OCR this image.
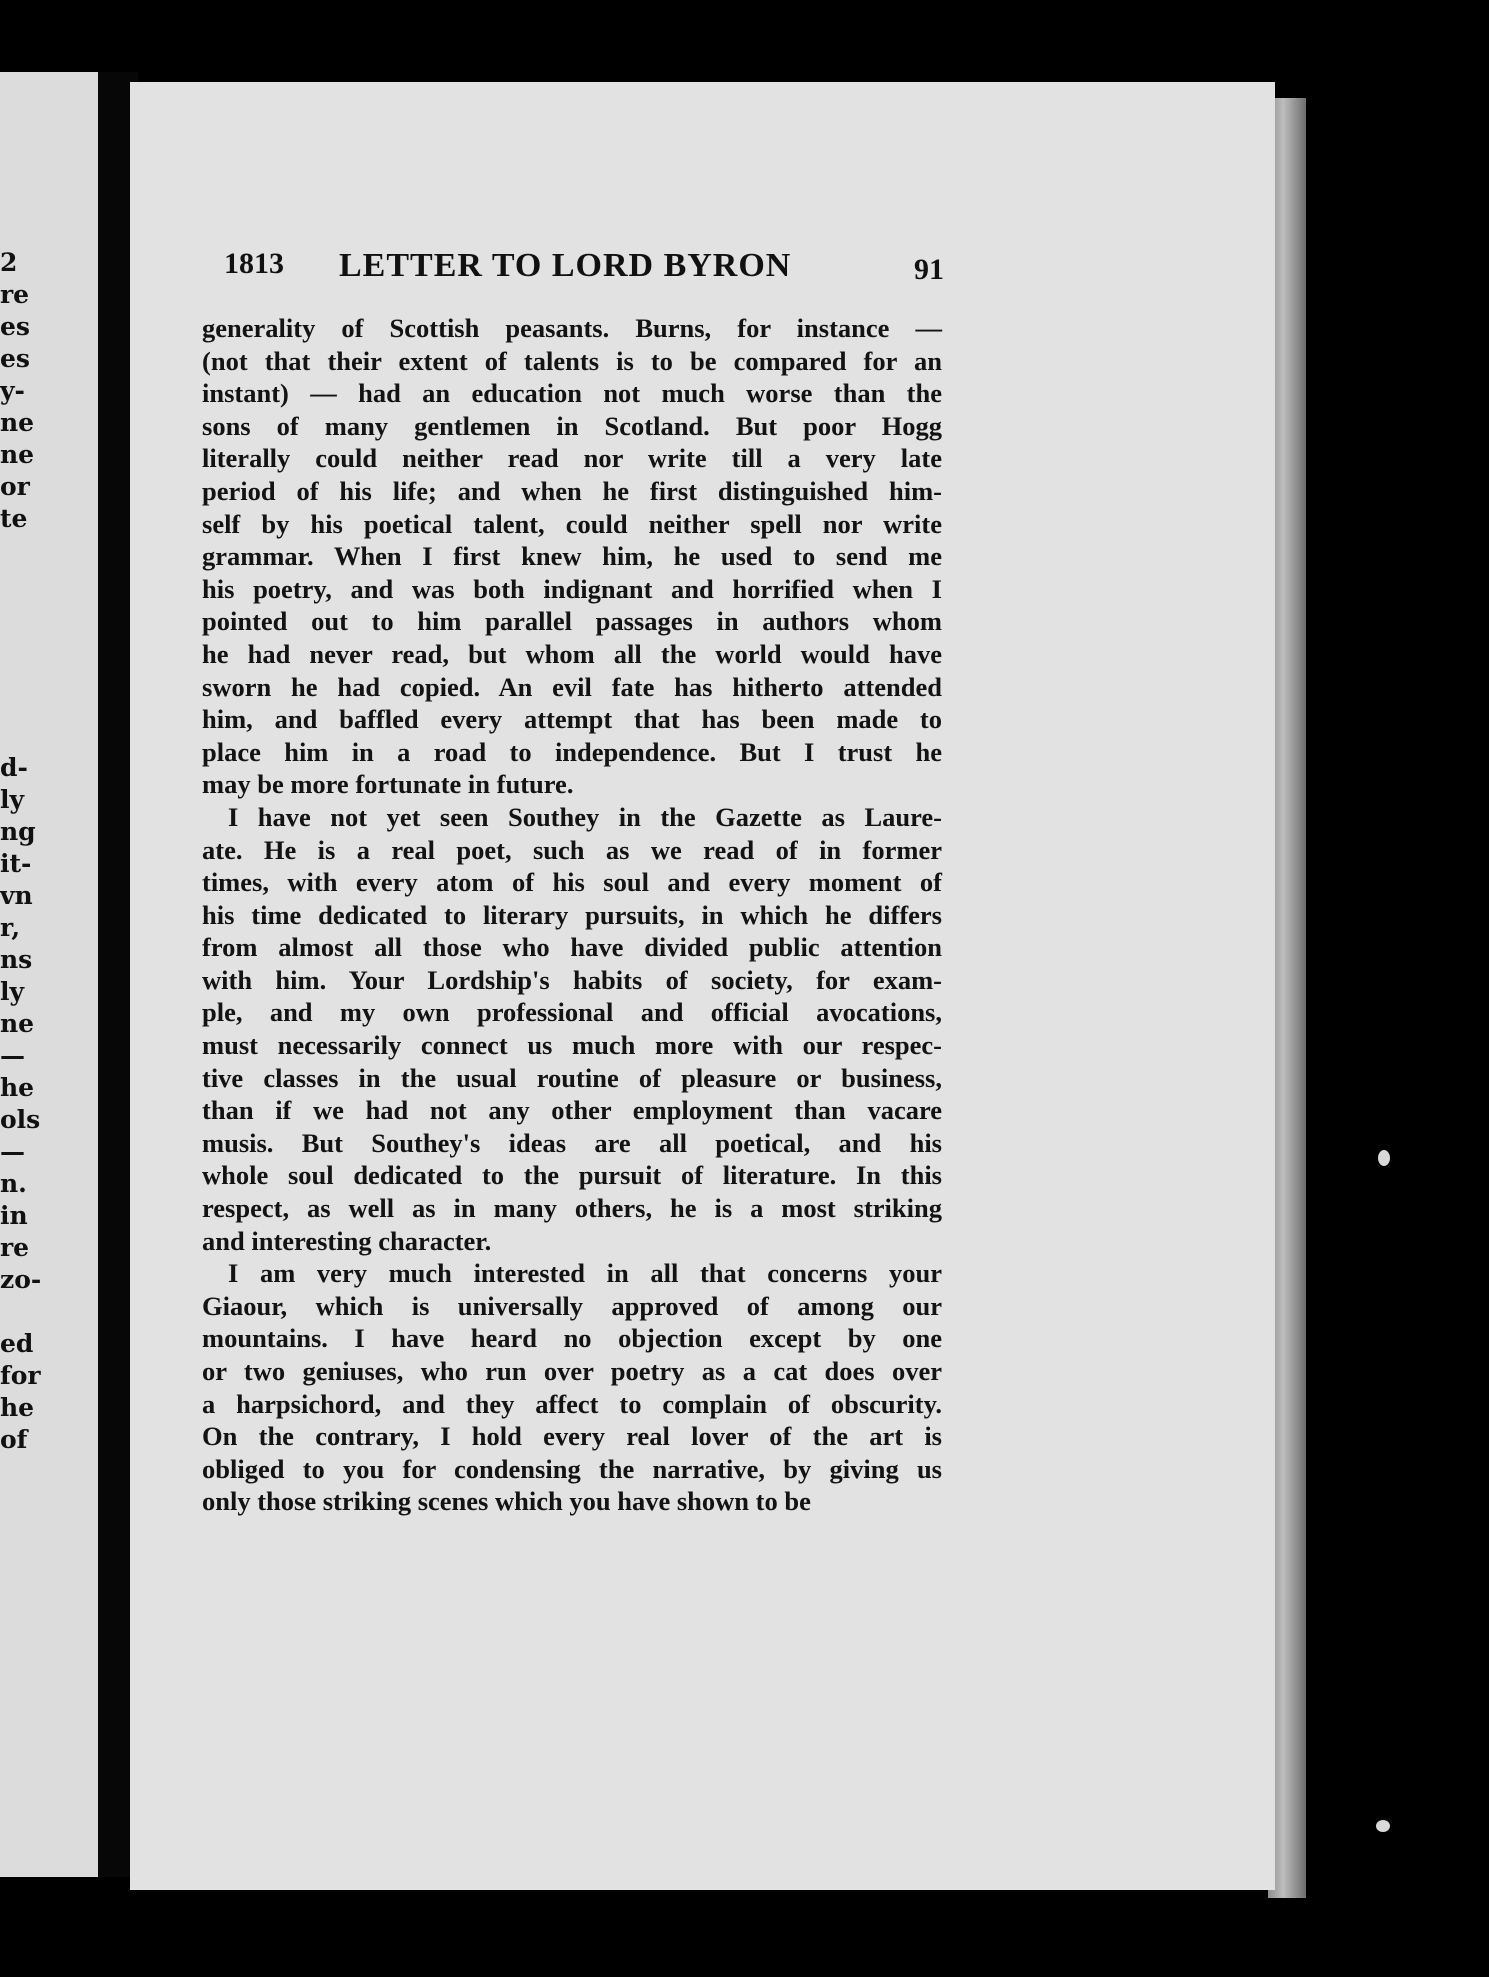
2
re
es
es
y-
ne
ne
or
te
d-
ly
ng
it-
vn
r,
ns
ly
ne
—
he
ols
—
n.
in
re
zo-
ed
for
he
of
1813 LETTER TO LORD BYRON	91

generality of Scottish peasants. Burns, for instance —
(not that their extent of talents is to be compared for an
instant) — had an education not much worse than the
sons of many gentlemen in Scotland. But poor Hogg
literally could neither read nor write till a very late
period of his life; and when he first distinguished him-
self by his poetical talent, could neither spell nor write
grammar. When I first knew him, he used to send me
his poetry, and was both indignant and horrified when I
pointed out to him parallel passages in authors whom
he had never read, but whom all the world would have
sworn he had copied. An evil fate has hitherto attended
him, and baffled every attempt that has been made to
place him in a road to independence. But I trust he
may be more fortunate in future.

I have not yet seen Southey in the Gazette as Laure-
ate. He is a real poet, such as we read of in former
times, with every atom of his soul and every moment of
his time dedicated to literary pursuits, in which he differs
from almost all those who have divided public attention
with him. Your Lordship's habits of society, for exam-
ple, and my own professional and official avocations,
must necessarily connect us much more with our respec-
tive classes in the usual routine of pleasure or business,
than if we had not any other employment than vacare
musis. But Southey's ideas are all poetical, and his
whole soul dedicated to the pursuit of literature. In this
respect, as well as in many others, he is a most striking
and interesting character.

I am very much interested in all that concerns your
Giaour, which is universally approved of among our
mountains. I have heard no objection except by one
or two geniuses, who run over poetry as a cat does over
a harpsichord, and they affect to complain of obscurity.
On the contrary, I hold every real lover of the art is
obliged to you for condensing the narrative, by giving us
only those striking scenes which you have shown to be
